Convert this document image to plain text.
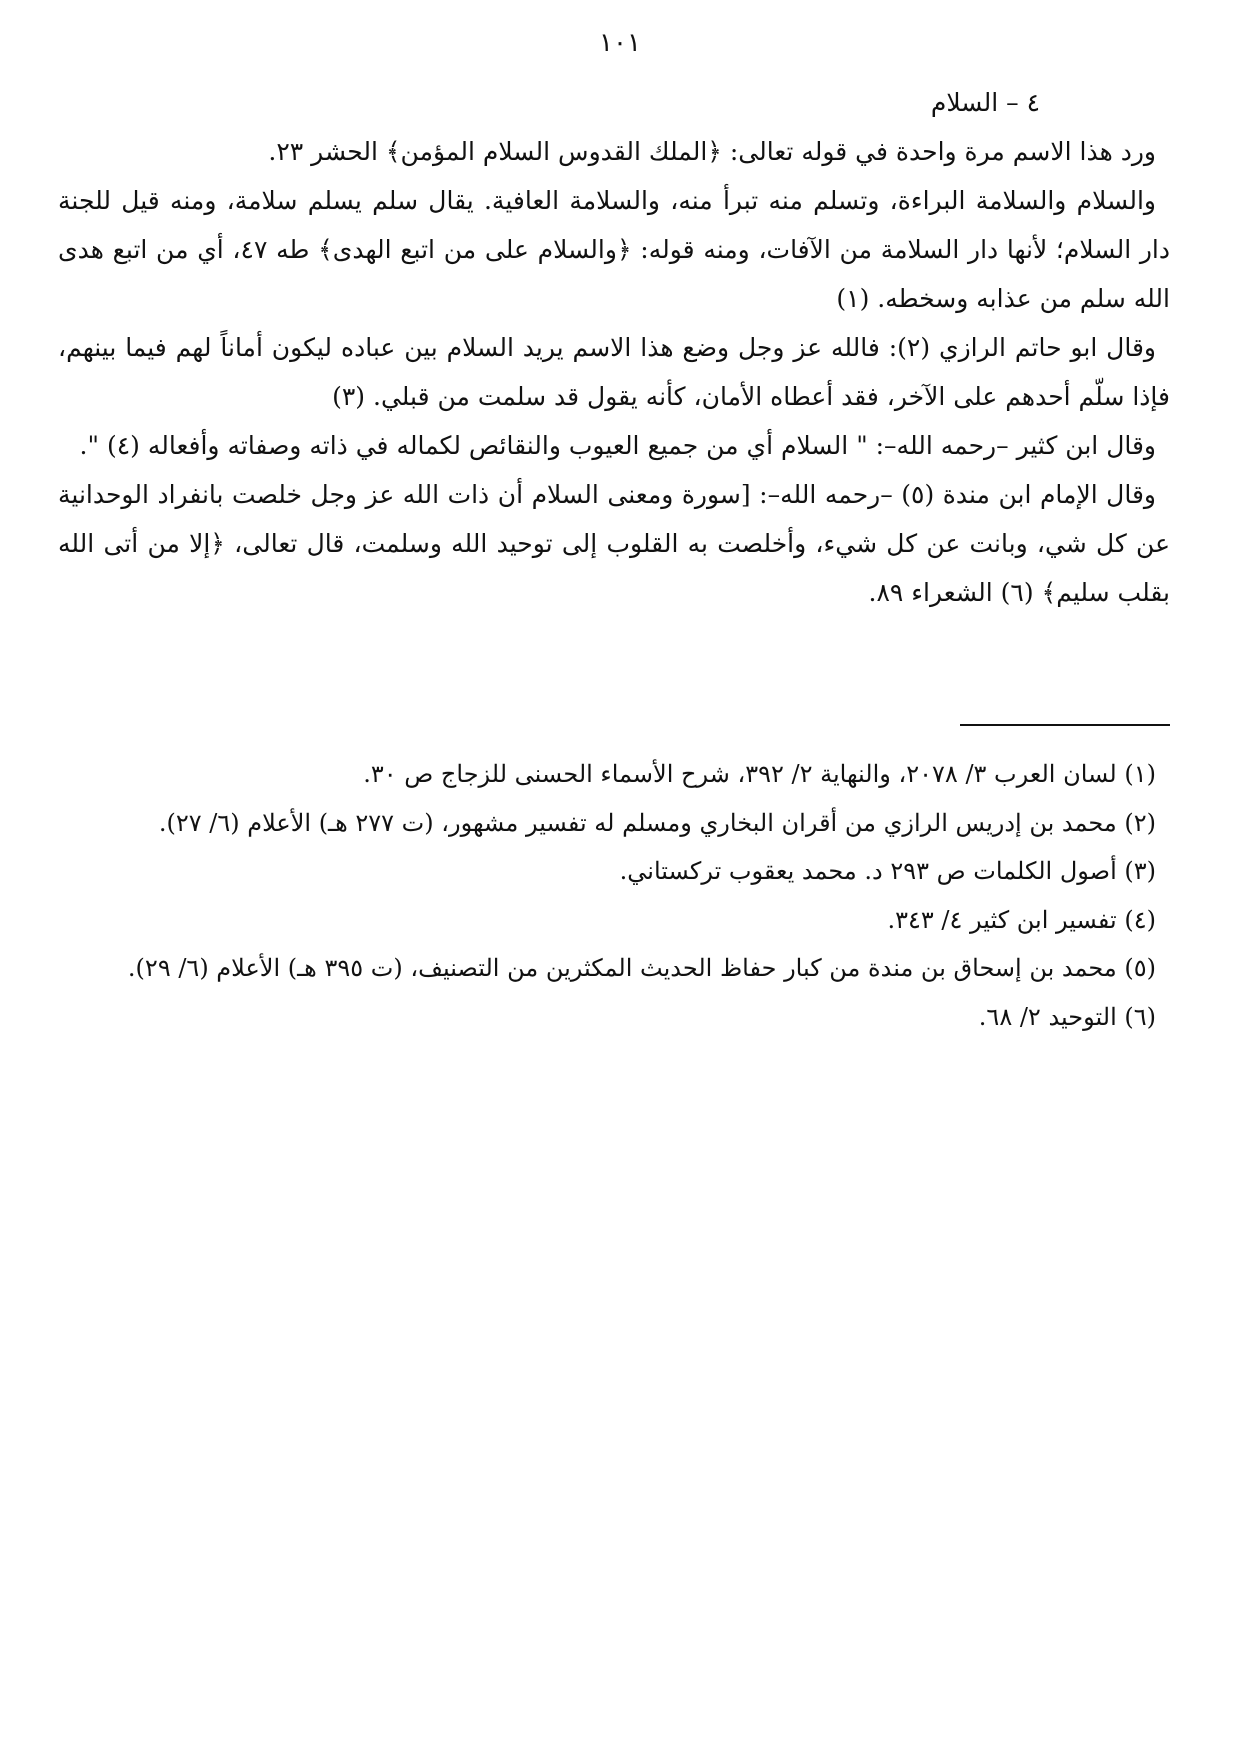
١٠١

٤ – السلام

ورد هذا الاسم مرة واحدة في قوله تعالى: ﴿الملك القدوس السلام المؤمن﴾ الحشر ٢٣.

والسلام والسلامة البراءة، وتسلم منه تبرأ منه، والسلامة العافية. يقال سلم يسلم سلامة، ومنه قيل للجنة دار السلام؛ لأنها دار السلامة من الآفات، ومنه قوله: ﴿والسلام على من اتبع الهدى﴾ طه ٤٧، أي من اتبع هدى الله سلم من عذابه وسخطه. (١)

وقال ابو حاتم الرازي (٢): فالله عز وجل وضع هذا الاسم يريد السلام بين عباده ليكون أماناً لهم فيما بينهم، فإذا سلّم أحدهم على الآخر، فقد أعطاه الأمان، كأنه يقول قد سلمت من قبلي. (٣)

وقال ابن كثير –رحمه الله–: " السلام أي من جميع العيوب والنقائص لكماله في ذاته وصفاته وأفعاله (٤) ".

وقال الإمام ابن مندة (٥) –رحمه الله–: [سورة ومعنى السلام أن ذات الله عز وجل خلصت بانفراد الوحدانية عن كل شي، وبانت عن كل شيء، وأخلصت به القلوب إلى توحيد الله وسلمت، قال تعالى، ﴿إلا من أتى الله بقلب سليم﴾ (٦) الشعراء ٨٩.

(١) لسان العرب ٣/ ٢٠٧٨، والنهاية ٢/ ٣٩٢، شرح الأسماء الحسنى للزجاج ص ٣٠.

(٢) محمد بن إدريس الرازي من أقران البخاري ومسلم له تفسير مشهور، (ت ٢٧٧ هـ) الأعلام (٦/ ٢٧).

(٣) أصول الكلمات ص ٢٩٣ د. محمد يعقوب تركستاني.

(٤) تفسير ابن كثير ٤/ ٣٤٣.

(٥) محمد بن إسحاق بن مندة من كبار حفاظ الحديث المكثرين من التصنيف، (ت ٣٩٥ هـ) الأعلام (٦/ ٢٩).

(٦) التوحيد ٢/ ٦٨.
